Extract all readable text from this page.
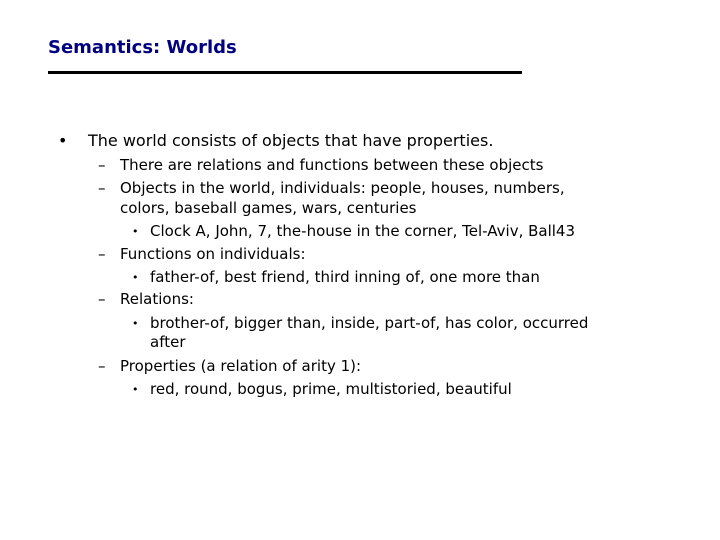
Semantics: Worlds
• The world consists of objects that have properties.
– There are relations and functions between these objects
– Objects in the world, individuals: people, houses, numbers,
colors, baseball games, wars, centuries
• Clock A, John, 7, the-house in the corner, Tel-Aviv, Ball43
– Functions on individuals:
• father-of, best friend, third inning of, one more than
– Relations:
• brother-of, bigger than, inside, part-of, has color, occurred
after
– Properties (a relation of arity 1):
• red, round, bogus, prime, multistoried, beautiful
